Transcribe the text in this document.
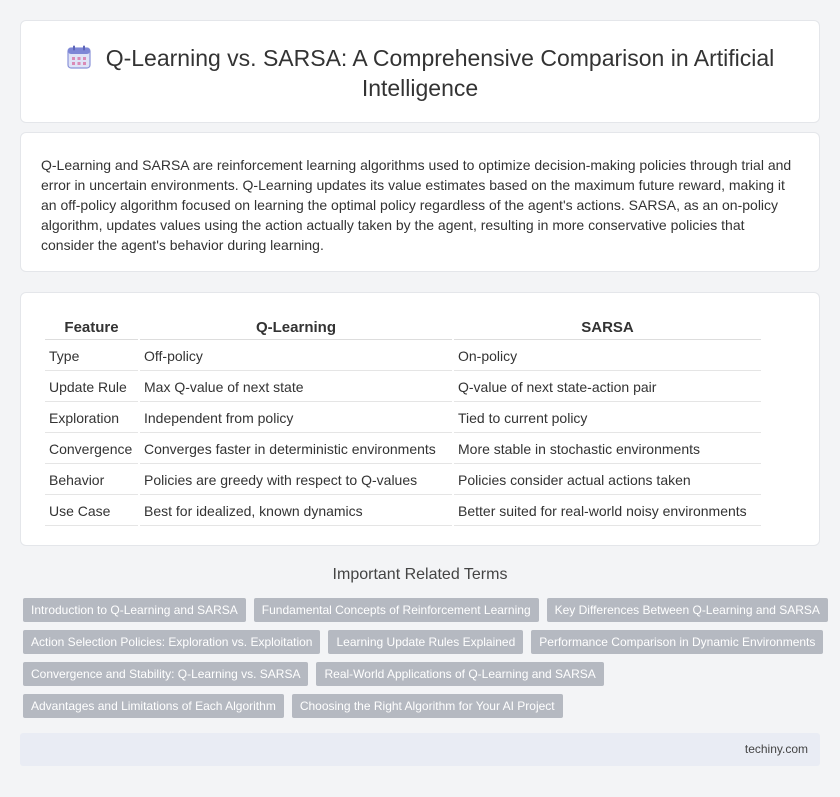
Q-Learning vs. SARSA: A Comprehensive Comparison in Artificial Intelligence

Q-Learning and SARSA are reinforcement learning algorithms used to optimize decision-making policies through trial and error in uncertain environments. Q-Learning updates its value estimates based on the maximum future reward, making it an off-policy algorithm focused on learning the optimal policy regardless of the agent's actions. SARSA, as an on-policy algorithm, updates values using the action actually taken by the agent, resulting in more conservative policies that consider the agent's behavior during learning.

Feature	Q-Learning	SARSA
Type	Off-policy	On-policy
Update Rule	Max Q-value of next state	Q-value of next state-action pair
Exploration	Independent from policy	Tied to current policy
Convergence	Converges faster in deterministic environments	More stable in stochastic environments
Behavior	Policies are greedy with respect to Q-values	Policies consider actual actions taken
Use Case	Best for idealized, known dynamics	Better suited for real-world noisy environments
Important Related Terms
Introduction to Q-Learning and SARSA	Fundamental Concepts of Reinforcement Learning	Key Differences Between Q-Learning and SARSA
Action Selection Policies: Exploration vs. Exploitation	Learning Update Rules Explained	Performance Comparison in Dynamic Environments
Convergence and Stability: Q-Learning vs. SARSA	Real-World Applications of Q-Learning and SARSA
Advantages and Limitations of Each Algorithm	Choosing the Right Algorithm for Your AI Project
techiny.com
